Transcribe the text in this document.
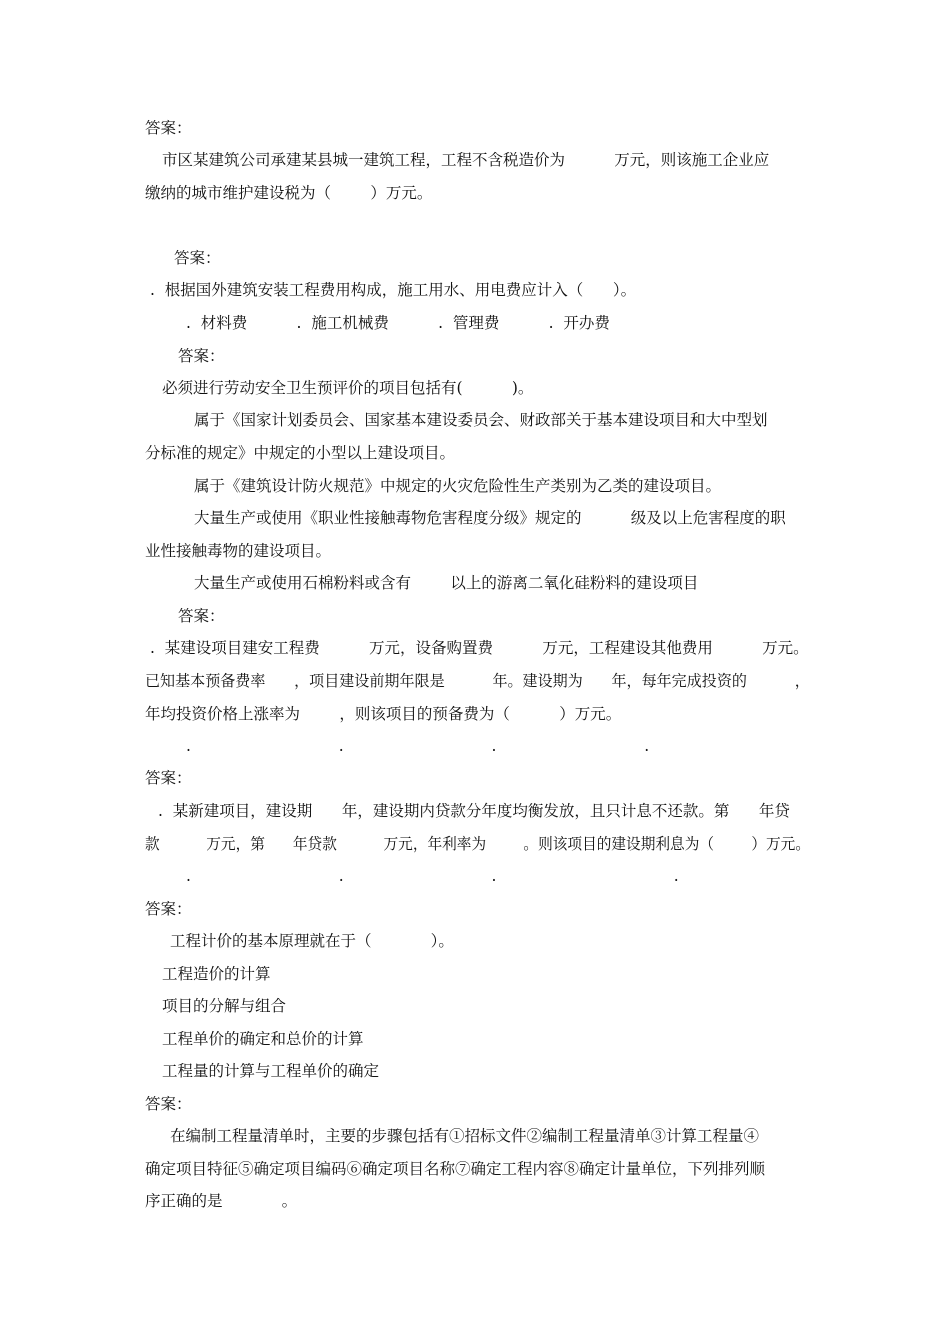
答案：
市区某建筑公司承建某县城一建筑工程，工程不含税造价为          万元，则该施工企业应
缴纳的城市维护建设税为（        ）万元。
答案：
.  根据国外建筑安装工程费用构成，施工用水、用电费应计入（      ）。
.  材料费          .  施工机械费          .  管理费          .  开办费
答案：
必须进行劳动安全卫生预评价的项目包括有(          )。
属于《国家计划委员会、国家基本建设委员会、财政部关于基本建设项目和大中型划
分标准的规定》中规定的小型以上建设项目。
属于《建筑设计防火规范》中规定的火灾危险性生产类别为乙类的建设项目。
大量生产或使用《职业性接触毒物危害程度分级》规定的          级及以上危害程度的职
业性接触毒物的建设项目。
大量生产或使用石棉粉料或含有        以上的游离二氧化硅粉料的建设项目
答案：
.  某建设项目建安工程费          万元，设备购置费          万元，工程建设其他费用          万元。
已知基本预备费率      ，项目建设前期年限是          年。建设期为      年，每年完成投资的          ，
年均投资价格上涨率为        ，则该项目的预备费为（          ）万元。
.                              .                              .                              .
答案：
.  某新建项目，建设期      年，建设期内贷款分年度均衡发放，且只计息不还款。第      年贷
款          万元，第      年贷款          万元，年利率为        。则该项目的建设期利息为（        ）万元。
.                              .                              .                                    .
答案：
工程计价的基本原理就在于（            ）。
工程造价的计算
项目的分解与组合
工程单价的确定和总价的计算
工程量的计算与工程单价的确定
答案：
在编制工程量清单时，主要的步骤包括有①招标文件②编制工程量清单③计算工程量④
确定项目特征⑤确定项目编码⑥确定项目名称⑦确定工程内容⑧确定计量单位，下列排列顺
序正确的是            。
